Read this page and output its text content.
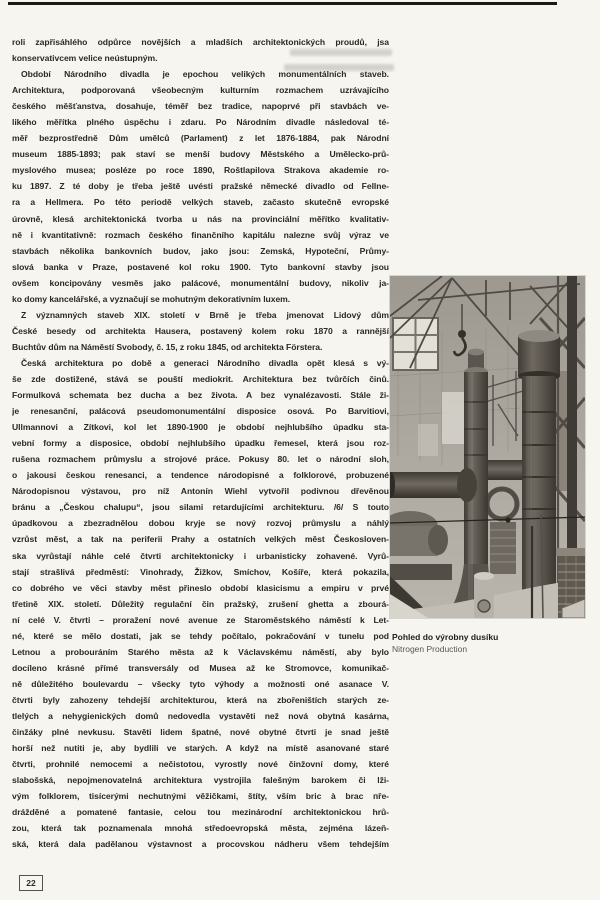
roli zapřisáhlého odpůrce novějších a mladších architektonických proudů, jsa
konservativcem velice neústupným.
Období Národního divadla je epochou velikých monumentálních staveb.
Architektura, podporovaná všeobecným kulturním rozmachem uzrávajícího
českého měšťanstva, dosahuje, téměř bez tradice, napoprvé při stavbách ve-
likého měřítka plného úspěchu i zdaru. Po Národním divadle následoval té-
měř bezprostředně Dům umělců (Parlament) z let 1876-1884, pak Národní
museum 1885-1893; pak staví se menší budovy Městského a Umělecko-prů-
myslového musea; posléze po roce 1890, Roštlapilova Strakova akademie ro-
ku 1897. Z té doby je třeba ještě uvésti pražské německé divadlo od Fellne-
ra a Hellmera. Po této periodě velkých staveb, začasto skutečně evropské
úrovně, klesá architektonická tvorba u nás na provinciální měřítko kvalitativ-
ně i kvantitativně: rozmach českého finančního kapitálu nalezne svůj výraz ve
stavbách několika bankovních budov, jako jsou: Zemská, Hypoteční, Průmy-
slová banka v Praze, postavené kol roku 1900. Tyto bankovní stavby jsou
ovšem koncipovány vesměs jako palácové, monumentální budovy, nikoliv ja-
ko domy kancelářské, a vyznačují se mohutným dekorativním luxem.
Z významných staveb XIX. století v Brně je třeba jmenovat Lidový dům
České besedy od architekta Hausera, postavený kolem roku 1870 a rannější
Buchtův dům na Náměstí Svobody, č. 15, z roku 1845, od architekta Förstera.
Česká architektura po době a generaci Národního divadla opět klesá s vý-
še zde dostižené, stává se pouští mediokrit. Architektura bez tvůrčích činů.
Formulková schemata bez ducha a bez života. A bez vynalézavosti. Stále ži-
je renesanční, palácová pseudomonumentální disposice osová. Po Barvitiovi,
Ullmannovi a Zítkovi, kol let 1890-1900 je období nejhlubšího úpadku sta-
vební formy a disposice, období nejhlubšího úpadku řemesel, která jsou roz-
rušena rozmachem průmyslu a strojové práce. Pokusy 80. let o národní sloh,
o jakousi českou renesanci, a tendence národopisné a folklorové, probuzené
Národopisnou výstavou, pro níž Antonín Wiehl vytvořil podivnou dřevěnou
bránu a „Českou chalupu“, jsou silami retardujícími architekturu. /6/ S touto
úpadkovou a zbezradnělou dobou kryje se nový rozvoj průmyslu a náhlý
vzrůst měst, a tak na periferii Prahy a ostatních velkých měst Českosloven-
ska vyrůstají náhle celé čtvrti architektonicky i urbanisticky zohavené. Vyrů-
stají strašlivá předměstí: Vinohrady, Žižkov, Smíchov, Košíře, která pokazila,
co dobrého ve věci stavby měst přineslo období klasicismu a empiru v prvé
třetině XIX. století. Důležitý regulační čin pražský, zrušení ghetta a zbourá-
ní celé V. čtvrti – proražení nové avenue ze Staroměstského náměstí k Let-
né, které se mělo dostati, jak se tehdy počítalo, pokračování v tunelu pod
Letnou a probouráním Starého města až k Václavskému náměstí, aby bylo
docíleno krásné přímé transversály od Musea až ke Stromovce, komunikač-
ně důležitého boulevardu – všecky tyto výhody a možnosti oné asanace V.
čtvrti byly zahozeny tehdejší architekturou, která na zbořeništích starých ze-
tlelých a nehygienických domů nedovedla vystavěti než nová obytná kasárna,
činžáky plné nevkusu. Stavěti lidem špatné, nové obytné čtvrti je snad ještě
horší než nutiti je, aby bydlili ve starých. A když na místě asanované staré
čtvrti, prohnilé nemocemi a nečistotou, vyrostly nové činžovní domy, které
slabošská, nepojmenovatelná architektura vystrojila falešným barokem či lži-
vým folklorem, tisícerými nechutnými věžičkami, štíty, vším bric à brac пře-
drážděné a pomatené fantasie, celou tou mezinárodní architektonickou hrů-
zou, která tak poznamenala mnohá středoevropská města, zejména lázeň-
ská, která dala padělanou výstavnost a procovskou nádheru všem tehdejším
Pohled do výrobny dusíku
Nitrogen Production
22
